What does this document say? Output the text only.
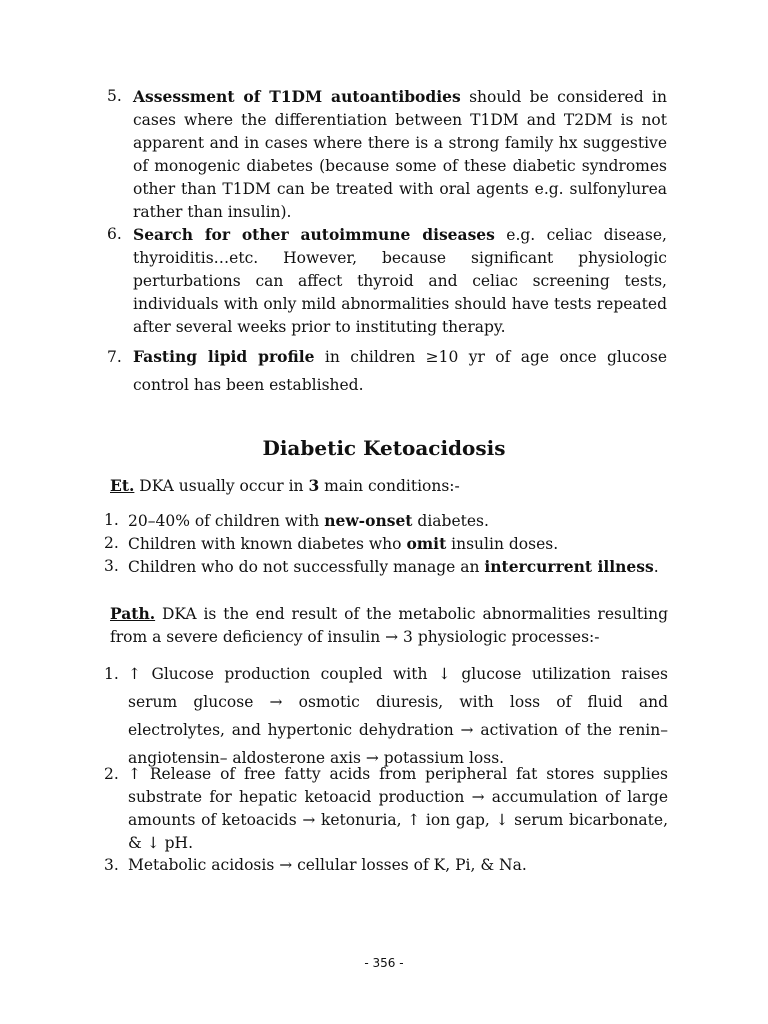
5. Assessment of T1DM autoantibodies should be considered in cases where the differentiation between T1DM and T2DM is not apparent and in cases where there is a strong family hx suggestive of monogenic diabetes (because some of these diabetic syndromes other than T1DM can be treated with oral agents e.g. sulfonylurea rather than insulin).
6. Search for other autoimmune diseases e.g. celiac disease, thyroiditis…etc. However, because significant physiologic perturbations can affect thyroid and celiac screening tests, individuals with only mild abnormalities should have tests repeated after several weeks prior to instituting therapy.
7. Fasting lipid profile in children ≥10 yr of age once glucose control has been established.
Diabetic Ketoacidosis
Et. DKA usually occur in 3 main conditions:-
1. 20–40% of children with new-onset diabetes.
2. Children with known diabetes who omit insulin doses.
3. Children who do not successfully manage an intercurrent illness.
Path. DKA is the end result of the metabolic abnormalities resulting from a severe deficiency of insulin → 3 physiologic processes:-
1. ↑ Glucose production coupled with ↓ glucose utilization raises serum glucose → osmotic diuresis, with loss of fluid and electrolytes, and hypertonic dehydration → activation of the renin– angiotensin– aldosterone axis → potassium loss.
2. ↑ Release of free fatty acids from peripheral fat stores supplies substrate for hepatic ketoacid production → accumulation of large amounts of ketoacids → ketonuria, ↑ ion gap, ↓ serum bicarbonate, & ↓ pH.
3. Metabolic acidosis → cellular losses of K, Pi, & Na.
- 356 -
